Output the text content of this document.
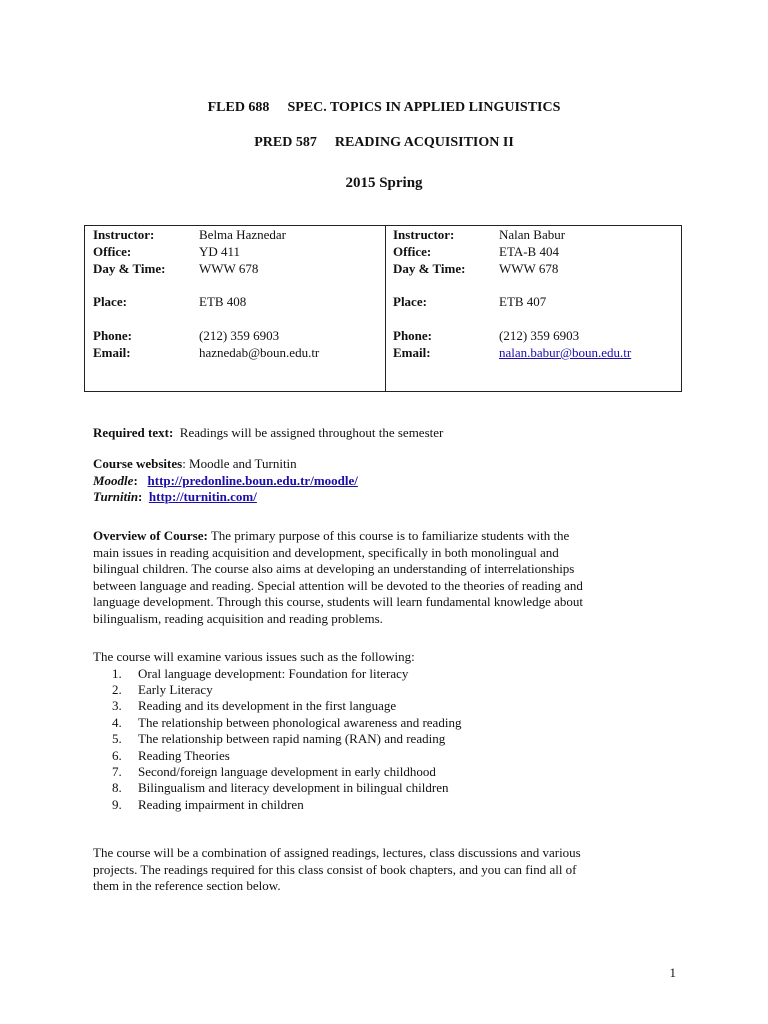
FLED 688 SPEC. TOPICS IN APPLIED LINGUISTICS
PRED 587 READING ACQUISITION II
2015 Spring
Instructor:	Belma Haznedar
Office:	YD 411
Day & Time:	WWW 678
Place:	ETB 408
Phone:	(212) 359 6903
Email:	haznedab@boun.edu.tr
Instructor:	Nalan Babur
Office:	ETA-B 404
Day & Time:	WWW 678
Place:	ETB 407
Phone:	(212) 359 6903
Email:	nalan.babur@boun.edu.tr
Required text: Readings will be assigned throughout the semester
Course websites: Moodle and Turnitin
Moodle:   http://predonline.boun.edu.tr/moodle/
Turnitin:  http://turnitin.com/
Overview of Course: The primary purpose of this course is to familiarize students with the
main issues in reading acquisition and development, specifically in both monolingual and
bilingual children. The course also aims at developing an understanding of interrelationships
between language and reading. Special attention will be devoted to the theories of reading and
language development. Through this course, students will learn fundamental knowledge about
bilingualism, reading acquisition and reading problems.
The course will examine various issues such as the following:
1. Oral language development: Foundation for literacy
2. Early Literacy
3. Reading and its development in the first language
4. The relationship between phonological awareness and reading
5. The relationship between rapid naming (RAN) and reading
6. Reading Theories
7. Second/foreign language development in early childhood
8. Bilingualism and literacy development in bilingual children
9. Reading impairment in children
The course will be a combination of assigned readings, lectures, class discussions and various
projects. The readings required for this class consist of book chapters, and you can find all of
them in the reference section below.
1
